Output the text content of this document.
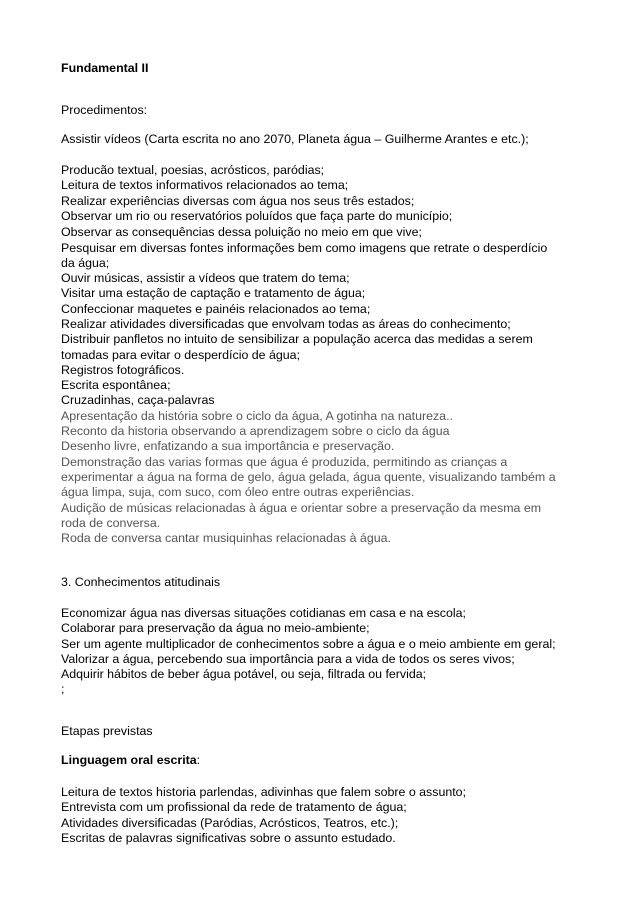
Fundamental II
Procedimentos:
Assistir vídeos (Carta escrita no ano 2070, Planeta água – Guilherme Arantes e etc.);
Producão textual, poesias, acrósticos, paródias;
Leitura de textos informativos relacionados ao tema;
Realizar experiências diversas com água nos seus três estados;
Observar um rio ou reservatórios poluídos que faça parte do município;
Observar as consequências dessa poluição no meio em que vive;
Pesquisar em diversas fontes informações bem como imagens que retrate o desperdício
da água;
Ouvir músicas, assistir a vídeos que tratem do tema;
Visitar uma estação de captação e tratamento de água;
Confeccionar maquetes e painéis relacionados ao tema;
Realizar atividades diversificadas que envolvam todas as áreas do conhecimento;
Distribuir panfletos no intuito de sensibilizar a população acerca das medidas a serem
tomadas para evitar o desperdício de água;
Registros fotográficos.
Escrita espontânea;
Cruzadinhas, caça-palavras
Apresentação da história sobre o ciclo da água, A gotinha na natureza..
Reconto da historia observando a aprendizagem sobre o ciclo da água
Desenho livre, enfatizando a sua importância e preservação.
Demonstração das varias formas que água é produzida, permitindo as crianças a
experimentar a água na forma de gelo, água gelada, água quente, visualizando também a
água limpa, suja, com suco, com óleo entre outras experiências.
Audição de músicas relacionadas à água e orientar sobre a preservação da mesma em
roda de conversa.
Roda de conversa cantar musiquinhas relacionadas à água.
3. Conhecimentos atitudinais
Economizar água nas diversas situações cotidianas em casa e na escola;
Colaborar para preservação da água no meio-ambiente;
Ser um agente multiplicador de conhecimentos sobre a água e o meio ambiente em geral;
Valorizar a água, percebendo sua importância para a vida de todos os seres vivos;
Adquirir hábitos de beber água potável, ou seja, filtrada ou fervida;
;
Etapas previstas
Linguagem oral escrita:
Leitura de textos historia parlendas, adivinhas que falem sobre o assunto;
Entrevista com um profissional da rede de tratamento de água;
Atividades diversificadas (Paródias, Acrósticos, Teatros, etc.);
Escritas de palavras significativas sobre o assunto estudado.
